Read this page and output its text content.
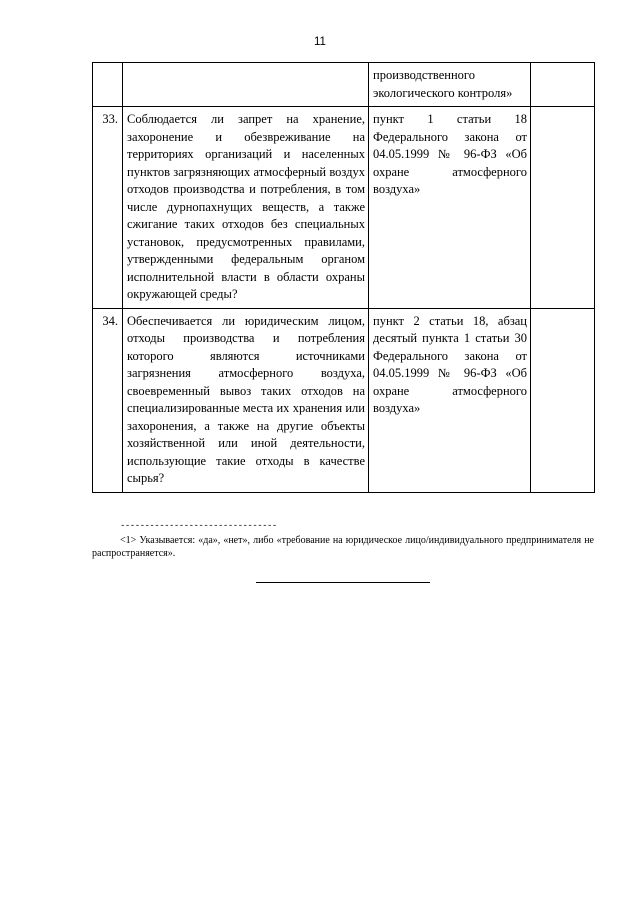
11
		производственного экологического контроля»	
33.	Соблюдается ли запрет на хранение, захоронение и обезвреживание на территориях организаций и населенных пунктов загрязняющих атмосферный воздух отходов производства и потребления, в том числе дурнопахнущих веществ, а также сжигание таких отходов без специальных установок, предусмотренных правилами, утвержденными федеральным органом исполнительной власти в области охраны окружающей среды?	пункт 1 статьи 18 Федерального закона от 04.05.1999 № 96-ФЗ «Об охране атмосферного воздуха»	
34.	Обеспечивается ли юридическим лицом, отходы производства и потребления которого являются источниками загрязнения атмосферного воздуха, своевременный вывоз таких отходов на специализированные места их хранения или захоронения, а также на другие объекты хозяйственной или иной деятельности, использующие такие отходы в качестве сырья?	пункт 2 статьи 18, абзац десятый пункта 1 статьи 30 Федерального закона от 04.05.1999 № 96-ФЗ «Об охране атмосферного воздуха»	
--------------------------------
<1> Указывается: «да», «нет», либо «требование на юридическое лицо/индивидуального предпринимателя не распространяется».
